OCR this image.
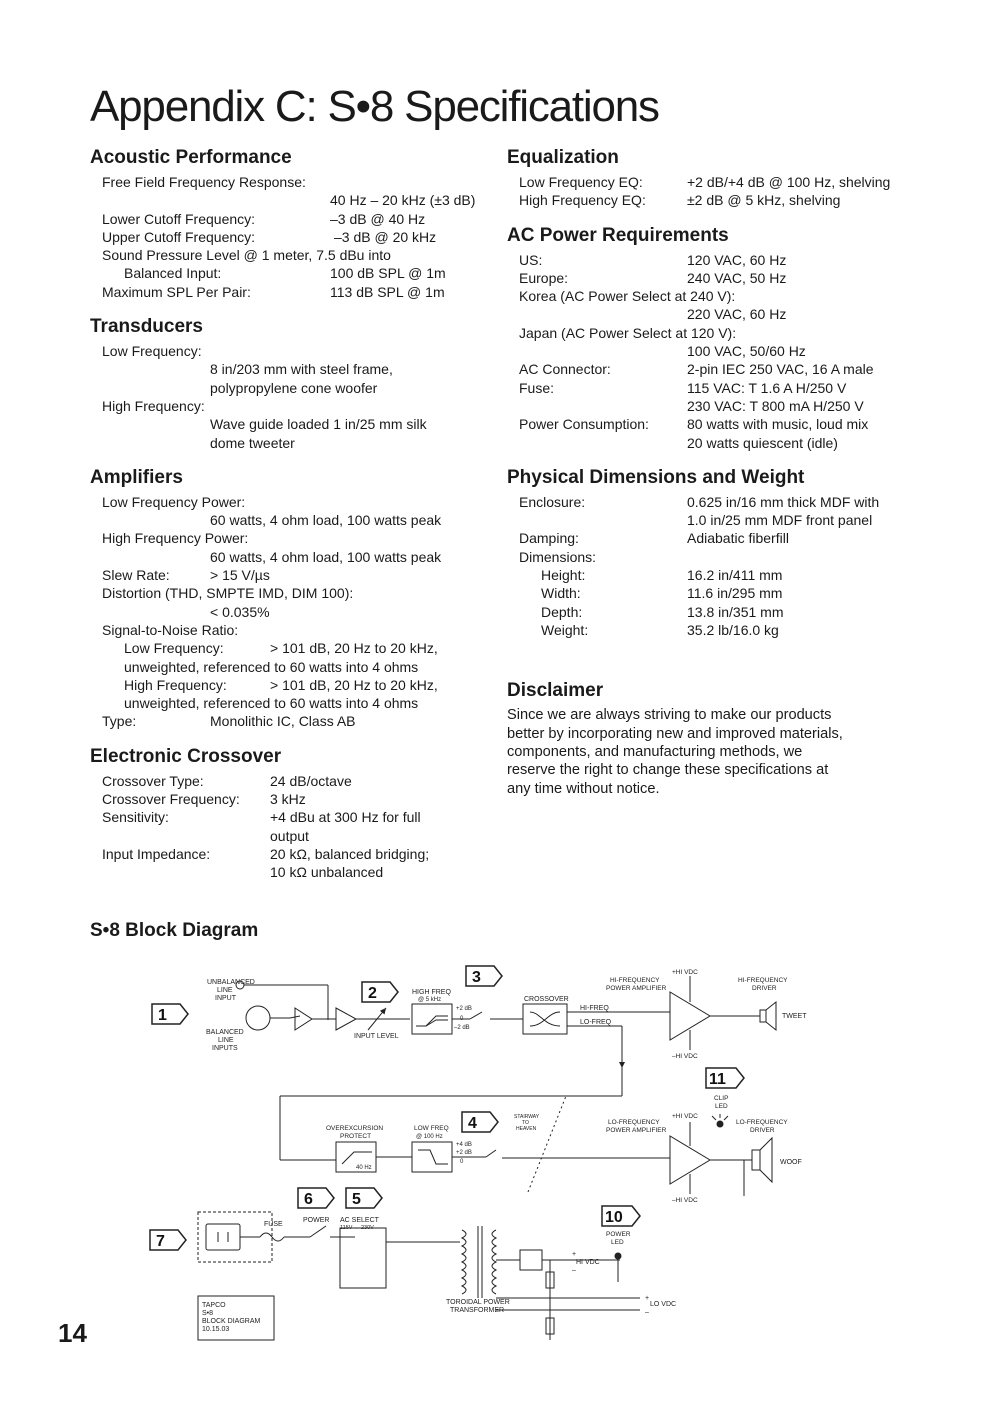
Appendix C: S•8 Specifications
Acoustic Performance
Free Field Frequency Response:

40 Hz – 20 kHz (±3 dB)
Lower Cutoff Frequency:	–3 dB @ 40 Hz
Upper Cutoff Frequency:	–3 dB @ 20 kHz
Sound Pressure Level @ 1 meter, 7.5 dBu into
Balanced Input:	100 dB SPL @ 1m
Maximum SPL Per Pair:	113 dB SPL @ 1m
Transducers
Low Frequency:

8 in/203 mm with steel frame,

polypropylene cone woofer
High Frequency:

Wave guide loaded 1 in/25 mm silk

dome tweeter
Amplifiers
Low Frequency Power:

60 watts, 4 ohm load, 100 watts peak
High Frequency Power:

60 watts, 4 ohm load, 100 watts peak
Slew Rate:	> 15 V/µs
Distortion (THD, SMPTE IMD, DIM 100):

< 0.035%
Signal-to-Noise Ratio:
Low Frequency:	> 101 dB, 20 Hz to 20 kHz,
unweighted, referenced to 60 watts into 4 ohms
High Frequency:	> 101 dB, 20 Hz to 20 kHz,
unweighted, referenced to 60 watts into 4 ohms
Type:	Monolithic IC, Class AB
Electronic Crossover
Crossover Type:	24 dB/octave
Crossover Frequency: 3 kHz
Sensitivity:	+4 dBu at 300 Hz for full

output
Input Impedance:	20 kΩ, balanced bridging;

10 kΩ unbalanced
Equalization
Low Frequency EQ:	+2 dB/+4 dB @ 100 Hz, shelving
High Frequency EQ:	±2 dB @ 5 kHz, shelving
AC Power Requirements
US:	120 VAC, 60 Hz
Europe:	240 VAC, 50 Hz
Korea (AC Power Select at 240 V):

220 VAC, 60 Hz
Japan (AC Power Select at 120 V):

100 VAC, 50/60 Hz
AC Connector:	2-pin IEC 250 VAC, 16 A male
Fuse:	115 VAC: T 1.6 A H/250 V

230 VAC: T 800 mA H/250 V
Power Consumption:	80 watts with music, loud mix

20 watts quiescent (idle)
Physical Dimensions and Weight
Enclosure:	0.625 in/16 mm thick MDF with

1.0 in/25 mm MDF front panel
Damping:	Adiabatic fiberfill
Dimensions:
Height:	16.2 in/411 mm
Width:	11.6 in/295 mm
Depth:	13.8 in/351 mm
Weight:	35.2 lb/16.0 kg
Disclaimer

Since we are always striving to make our products

better by incorporating new and improved materials,

components, and manufacturing methods, we

reserve the right to change these specifications at

any time without notice.

S•8 Block Diagram
UNBALANCED
LINE
INPUT
BALANCED
LINE
INPUTS
INPUT LEVEL
HIGH FREQ
@ 5 kHz
+2 dB
0
–2 dB
CROSSOVER
HI-FREQ
LO-FREQ
HI-FREQUENCY
POWER AMPLIFIER
+HI VDC
–HI VDC
HI-FREQUENCY
DRIVER
TWEET
CLIP
LED
OVEREXCURSION
PROTECT
40 Hz
LOW FREQ
@ 100 Hz
+4 dB
+2 dB
0
STAIRWAY
TO
HEAVEN
LO-FREQUENCY
POWER AMPLIFIER
+HI VDC
–HI VDC
LO-FREQUENCY
DRIVER
WOOF
FUSE
POWER AC SELECT
115V ↔ 230V
POWER
LED
HI VDC
+
–
LO VDC
+
–
TOROIDAL POWER
TRANSFORMER
TAPCO
S•8
BLOCK DIAGRAM
10.15.03
1
2
3
4
5
6
7
10
11
14
